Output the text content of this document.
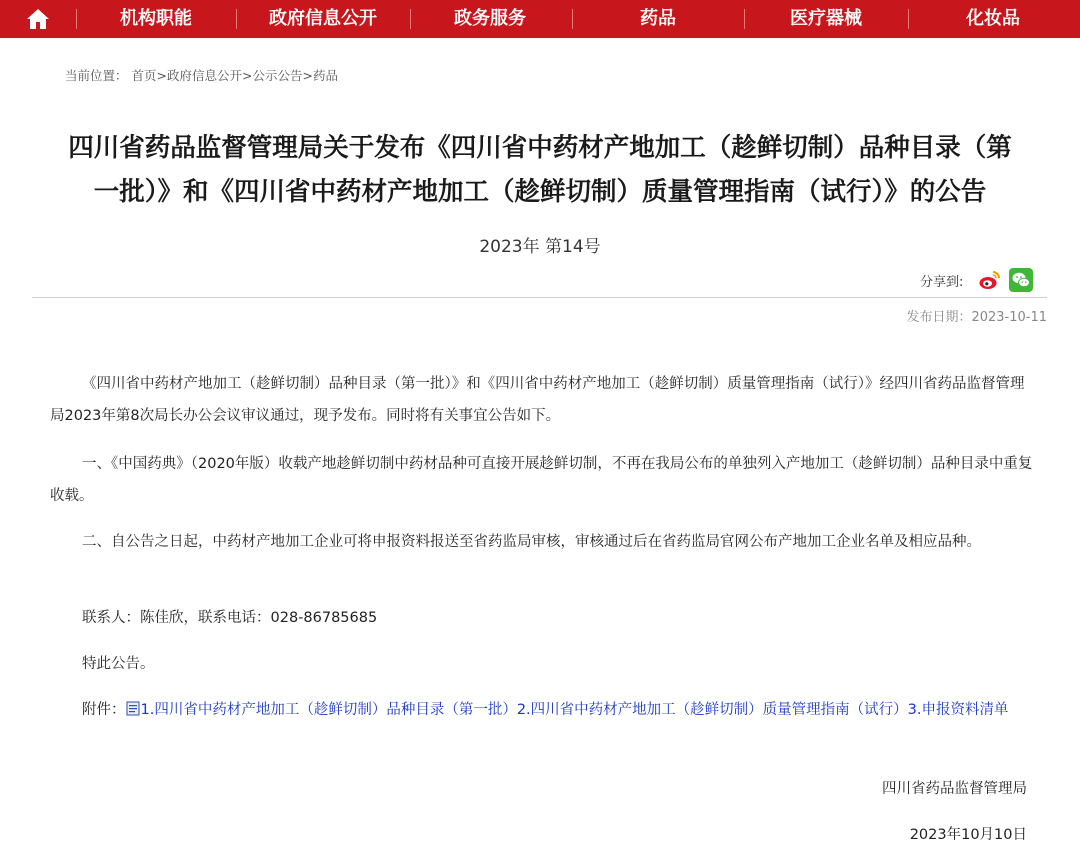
机构职能	政府信息公开	政务服务	药品	医疗器械	化妆品
当前位置： 首页>政府信息公开>公示公告>药品
四川省药品监督管理局关于发布《四川省中药材产地加工（趁鲜切制）品种目录（第
一批）》和《四川省中药材产地加工（趁鲜切制）质量管理指南（试行）》的公告
2023年 第14号
分享到:
发布日期：2023-10-11
《四川省中药材产地加工（趁鲜切制）品种目录（第一批）》和《四川省中药材产地加工（趁鲜切制）质量管理指南（试行）》经四川省药品监督管理局2023年第8次局长办公会议审议通过，现予发布。同时将有关事宜公告如下。
一、《中国药典》（2020年版）收载产地趁鲜切制中药材品种可直接开展趁鲜切制，不再在我局公布的单独列入产地加工（趁鲜切制）品种目录中重复收载。
二、自公告之日起，中药材产地加工企业可将申报资料报送至省药监局审核，审核通过后在省药监局官网公布产地加工企业名单及相应品种。
联系人：陈佳欣，联系电话：028-86785685
特此公告。
附件： 1.四川省中药材产地加工（趁鲜切制）品种目录（第一批）2.四川省中药材产地加工（趁鲜切制）质量管理指南（试行）3.申报资料清单
四川省药品监督管理局
2023年10月10日
